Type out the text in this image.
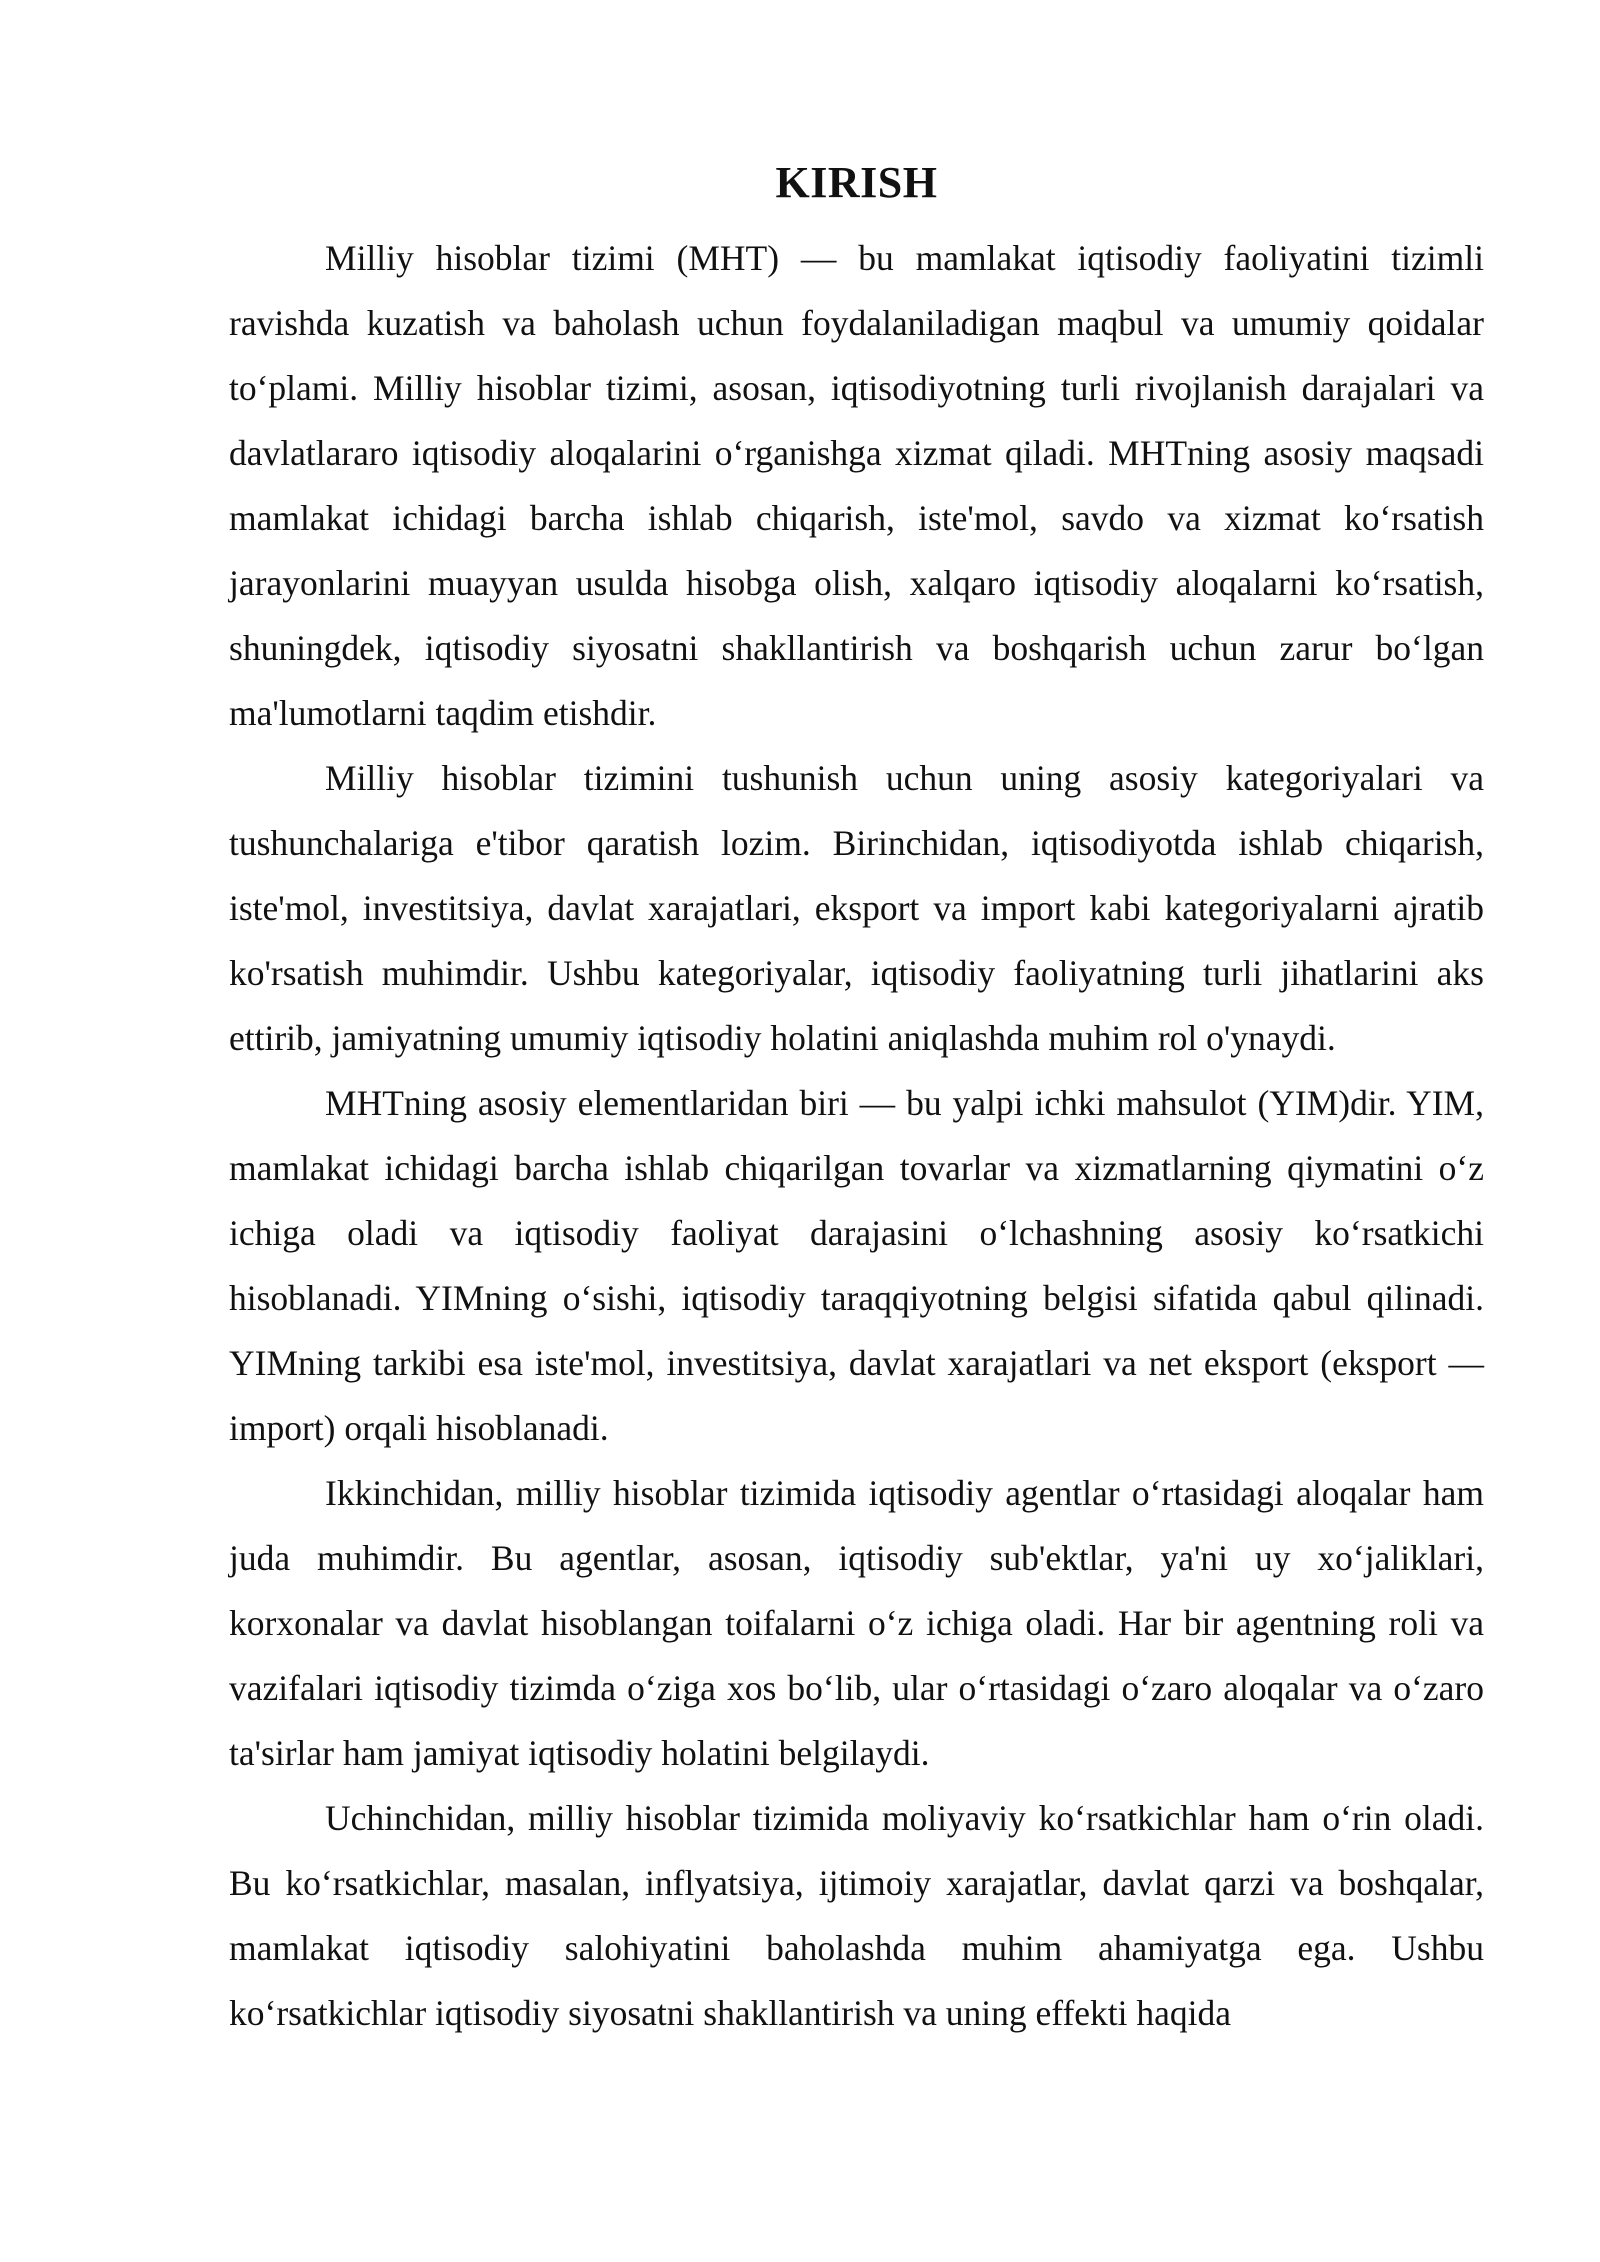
KIRISH

Milliy hisoblar tizimi (MHT) — bu mamlakat iqtisodiy faoliyatini tizimli ravishda kuzatish va baholash uchun foydalaniladigan maqbul va umumiy qoidalar to‘plami. Milliy hisoblar tizimi, asosan, iqtisodiyotning turli rivojlanish darajalari va davlatlararo iqtisodiy aloqalarini o‘rganishga xizmat qiladi. MHTning asosiy maqsadi mamlakat ichidagi barcha ishlab chiqarish, iste'mol, savdo va xizmat ko‘rsatish jarayonlarini muayyan usulda hisobga olish, xalqaro iqtisodiy aloqalarni ko‘rsatish, shuningdek, iqtisodiy siyosatni shakllantirish va boshqarish uchun zarur bo‘lgan ma'lumotlarni taqdim etishdir.

Milliy hisoblar tizimini tushunish uchun uning asosiy kategoriyalari va tushunchalariga e'tibor qaratish lozim. Birinchidan, iqtisodiyotda ishlab chiqarish, iste'mol, investitsiya, davlat xarajatlari, eksport va import kabi kategoriyalarni ajratib ko'rsatish muhimdir. Ushbu kategoriyalar, iqtisodiy faoliyatning turli jihatlarini aks ettirib, jamiyatning umumiy iqtisodiy holatini aniqlashda muhim rol o'ynaydi.

MHTning asosiy elementlaridan biri — bu yalpi ichki mahsulot (YIM)dir. YIM, mamlakat ichidagi barcha ishlab chiqarilgan tovarlar va xizmatlarning qiymatini o‘z ichiga oladi va iqtisodiy faoliyat darajasini o‘lchashning asosiy ko‘rsatkichi hisoblanadi. YIMning o‘sishi, iqtisodiy taraqqiyotning belgisi sifatida qabul qilinadi. YIMning tarkibi esa iste'mol, investitsiya, davlat xarajatlari va net eksport (eksport — import) orqali hisoblanadi.

Ikkinchidan, milliy hisoblar tizimida iqtisodiy agentlar o‘rtasidagi aloqalar ham juda muhimdir. Bu agentlar, asosan, iqtisodiy sub'ektlar, ya'ni uy xo‘jaliklari, korxonalar va davlat hisoblangan toifalarni o‘z ichiga oladi. Har bir agentning roli va vazifalari iqtisodiy tizimda o‘ziga xos bo‘lib, ular o‘rtasidagi o‘zaro aloqalar va o‘zaro ta'sirlar ham jamiyat iqtisodiy holatini belgilaydi.

Uchinchidan, milliy hisoblar tizimida moliyaviy ko‘rsatkichlar ham o‘rin oladi. Bu ko‘rsatkichlar, masalan, inflyatsiya, ijtimoiy xarajatlar, davlat qarzi va boshqalar, mamlakat iqtisodiy salohiyatini baholashda muhim ahamiyatga ega. Ushbu ko‘rsatkichlar iqtisodiy siyosatni shakllantirish va uning effekti haqida
